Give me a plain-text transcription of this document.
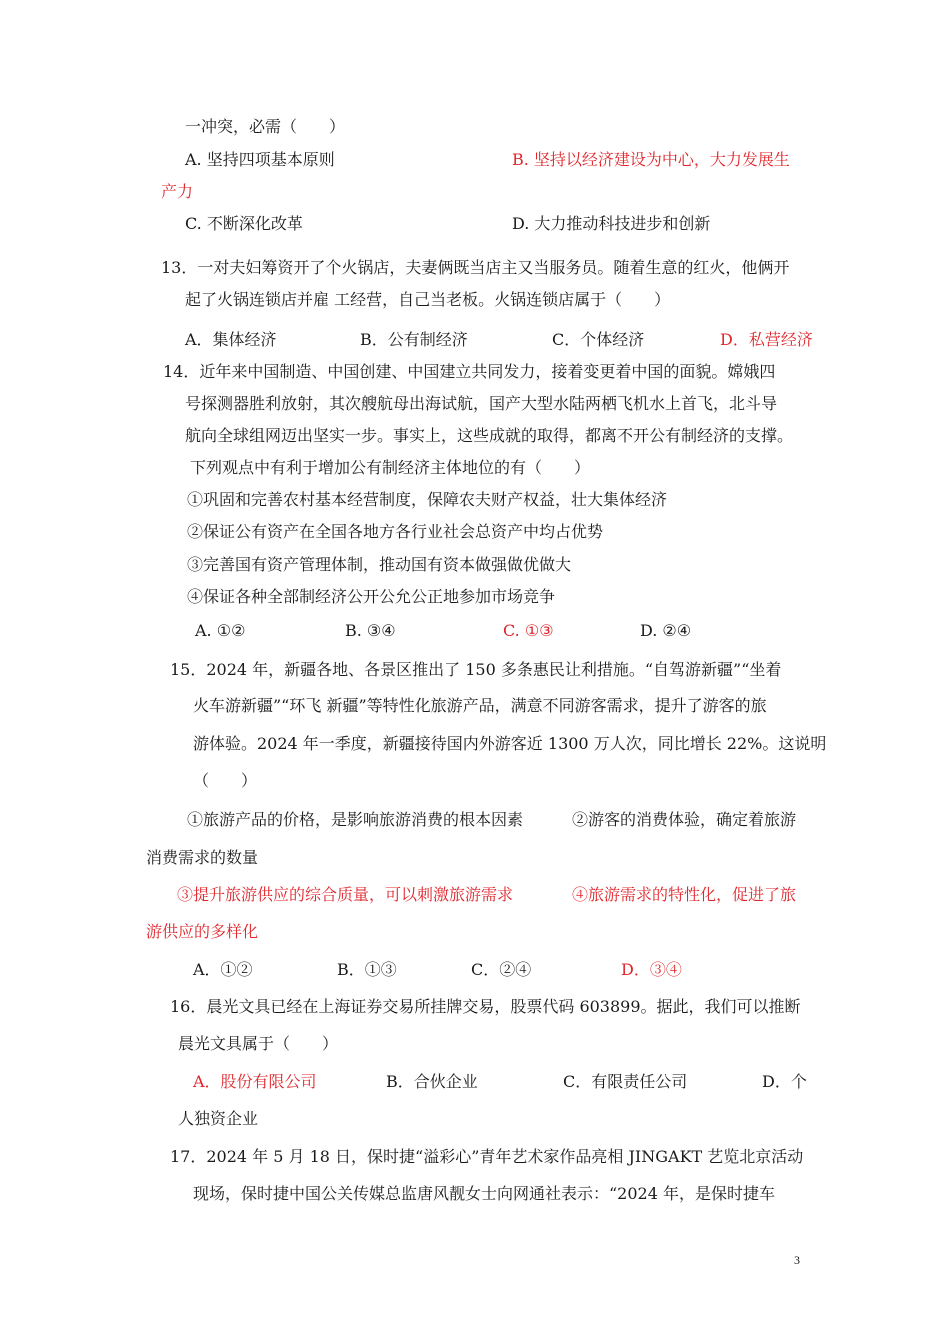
一冲突，必需（　　）
A. 坚持四项基本原则	B. 坚持以经济建设为中心，大力发展生
产力
C. 不断深化改革	D. 大力推动科技进步和创新
13．一对夫妇筹资开了个火锅店，夫妻俩既当店主又当服务员。随着生意的红火，他俩开
起了火锅连锁店并雇 工经营，自己当老板。火锅连锁店属于（　　）
A．集体经济	B．公有制经济	C．个体经济	D．私营经济
14．近年来中国制造、中国创建、中国建立共同发力，接着变更着中国的面貌。嫦娥四
号探测器胜利放射，其次艘航母出海试航，国产大型水陆两栖飞机水上首飞，北斗导
航向全球组网迈出坚实一步。事实上，这些成就的取得，都离不开公有制经济的支撑。
下列观点中有利于增加公有制经济主体地位的有（　　）
①巩固和完善农村基本经营制度，保障农夫财产权益，壮大集体经济
②保证公有资产在全国各地方各行业社会总资产中均占优势
③完善国有资产管理体制，推动国有资本做强做优做大
④保证各种全部制经济公开公允公正地参加市场竞争
A. ①②	B. ③④	C. ①③	D. ②④
15．2024 年，新疆各地、各景区推出了 150 多条惠民让利措施。“自驾游新疆”“坐着
火车游新疆”“环飞 新疆”等特性化旅游产品，满意不同游客需求，提升了游客的旅
游体验。2024 年一季度，新疆接待国内外游客近 1300 万人次，同比增长 22%。这说明
（　　）
①旅游产品的价格，是影响旅游消费的根本因素	②游客的消费体验，确定着旅游
消费需求的数量
③提升旅游供应的综合质量，可以刺激旅游需求	④旅游需求的特性化，促进了旅
游供应的多样化
A．①②	B．①③	C．②④	D．③④
16．晨光文具已经在上海证券交易所挂牌交易，股票代码 603899。据此，我们可以推断
晨光文具属于（　　）
A．股份有限公司	B．合伙企业	C．有限责任公司	D．个
人独资企业
17．2024 年 5 月 18 日，保时捷“溢彩心”青年艺术家作品亮相 JINGAKT 艺览北京活动
现场，保时捷中国公关传媒总监唐风靓女士向网通社表示：“2024 年，是保时捷车
3
